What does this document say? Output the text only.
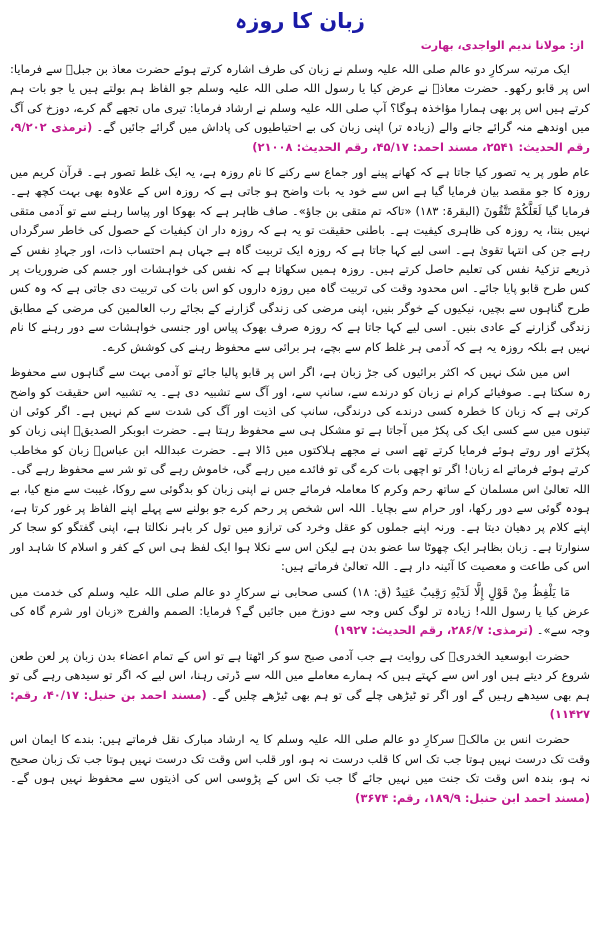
زبان کا روزہ
از: مولانا ندیم الواجدی، بھارت

ایک مرتبہ سرکارِ دو عالم صلی اللہ علیہ وسلم نے زبان کی طرف اشارہ کرتے ہوئے حضرت معاذ بن جبلؓ سے فرمایا: اس پر قابو رکھو۔ حضرت معاذؓ نے عرض کیا یا رسول اللہ صلی اللہ علیہ وسلم جو الفاظ ہم بولتے ہیں یا جو بات ہم کرتے ہیں اس پر بھی ہمارا مؤاخذہ ہوگا؟ آپ صلی اللہ علیہ وسلم نے ارشاد فرمایا: تیری ماں تجھے گم کرے، دوزخ کی آگ میں اوندھے منہ گرائے جانے والے (زیادہ تر) اپنی زبان کی بے احتیاطیوں کی پاداش میں گرائے جائیں گے۔ (ترمذی ۹/۲۰۲، رقم الحدیث: ۲۵۴۱، مسند احمد: ۴۵/۱۷، رقم الحدیث: ۲۱۰۰۸)

عام طور پر یہ تصور کیا جاتا ہے کہ کھانے پینے اور جماع سے رکنے کا نام روزہ ہے، یہ ایک غلط تصور ہے۔ قرآن کریم میں روزہ کا جو مقصد بیان فرمایا گیا ہے اس سے خود یہ بات واضح ہو جاتی ہے کہ روزہ اس کے علاوہ بھی بہت کچھ ہے۔ فرمایا گیا لَعَلَّكُمْ تَتَّقُونَ (البقرۃ: ۱۸۳) «تاکہ تم متقی بن جاؤ»۔ صاف ظاہر ہے کہ بھوکا اور پیاسا رہنے سے تو آدمی متقی نہیں بنتا، یہ روزہ کی ظاہری کیفیت ہے۔ باطنی حقیقت تو یہ ہے کہ روزہ دار ان کیفیات کے حصول کی خاطر سرگرداں رہے جن کی انتہا تقویٰ ہے۔ اسی لیے کہا جاتا ہے کہ روزہ ایک تربیت گاہ ہے جہاں ہم احتساب ذات، اور جہادِ نفس کے ذریعے تزکیۂ نفس کی تعلیم حاصل کرتے ہیں۔ روزہ ہمیں سکھاتا ہے کہ نفس کی خواہشات اور جسم کی ضروریات پر کس طرح قابو پایا جائے۔ اس محدود وقت کی تربیت گاہ میں روزہ داروں کو اس بات کی تربیت دی جاتی ہے کہ وہ کس طرح گناہوں سے بچیں، نیکیوں کے خوگر بنیں، اپنی مرضی کی زندگی گزارنے کے بجائے رب العالمین کی مرضی کے مطابق زندگی گزارنے کے عادی بنیں۔ اسی لیے کہا جاتا ہے کہ روزہ صرف بھوک پیاس اور جنسی خواہشات سے دور رہنے کا نام نہیں ہے بلکہ روزہ یہ ہے کہ آدمی ہر غلط کام سے بچے، ہر برائی سے محفوظ رہنے کی کوشش کرے۔

اس میں شک نہیں کہ اکثر برائیوں کی جڑ زبان ہے، اگر اس پر قابو پالیا جائے تو آدمی بہت سے گناہوں سے محفوظ رہ سکتا ہے۔ صوفیائے کرام نے زبان کو درندے سے، سانپ سے، اور آگ سے تشبیہ دی ہے۔ یہ تشبیہ اس حقیقت کو واضح کرتی ہے کہ زبان کا خطرہ کسی درندے کی درندگی، سانپ کی اذیت اور آگ کی شدت سے کم نہیں ہے۔ اگر کوئی ان تینوں میں سے کسی ایک کی پکڑ میں آجاتا ہے تو مشکل ہی سے محفوظ رہتا ہے۔ حضرت ابوبکر الصدیقؓ اپنی زبان کو پکڑتے اور روتے ہوئے فرمایا کرتے تھے اسی نے مجھے ہلاکتوں میں ڈالا ہے۔ حضرت عبداللہ ابن عباسؓ زبان کو مخاطب کرتے ہوئے فرماتے اے زبان! اگر تو اچھی بات کرے گی تو فائدے میں رہے گی، خاموش رہے گی تو شر سے محفوظ رہے گی۔ اللہ تعالیٰ اس مسلمان کے ساتھ رحم وکرم کا معاملہ فرمائے جس نے اپنی زبان کو بدگوئی سے روکا، غیبت سے منع کیا، بے ہودہ گوئی سے دور رکھا، اور حرام سے بچایا۔ اللہ اس شخص پر رحم کرے جو بولنے سے پہلے اپنے الفاظ پر غور کرتا ہے، اپنے کلام پر دھیان دیتا ہے۔ ورنہ اپنے جملوں کو عقل وخرد کی ترازو میں تول کر باہر نکالتا ہے، اپنی گفتگو کو سجا کر سنوارتا ہے۔ زبان بظاہر ایک چھوٹا سا عضو بدن ہے لیکن اس سے نکلا ہوا ایک لفظ ہی اس کے کفر و اسلام کا شاہد اور اس کی طاعت و معصیت کا آئینہ دار ہے۔ اللہ تعالیٰ فرماتے ہیں:

مَا يَلْفِظُ مِنْ قَوْلٍ إِلَّا لَدَيْهِ رَقِيبٌ عَتِيدٌ (ق: ۱۸) کسی صحابی نے سرکارِ دو عالم صلی اللہ علیہ وسلم کی خدمت میں عرض کیا یا رسول اللہ! زیادہ تر لوگ کس وجہ سے دوزخ میں جائیں گے؟ فرمایا: الصمم والفرج «زبان اور شرم گاہ کی وجہ سے»۔ (ترمذی: ۲۸۶/۷، رقم الحدیث: ۱۹۲۷)

حضرت ابوسعید الخدریؓ کی روایت ہے جب آدمی صبح سو کر اٹھتا ہے تو اس کے تمام اعضاء بدن زبان پر لعن طعن شروع کر دیتے ہیں اور اس سے کہتے ہیں کہ ہمارے معاملے میں اللہ سے ڈرتی رہنا، اس لیے کہ اگر تو سیدھی رہے گی تو ہم بھی سیدھے رہیں گے اور اگر تو ٹیڑھی چلے گی تو ہم بھی ٹیڑھے چلیں گے۔ (مسند احمد بن حنبل: ۴۰/۱۷، رقم: ۱۱۴۲۷)

حضرت انس بن مالکؓ سرکارِ دو عالم صلی اللہ علیہ وسلم کا یہ ارشاد مبارک نقل فرماتے ہیں: بندے کا ایمان اس وقت تک درست نہیں ہوتا جب تک اس کا قلب درست نہ ہو، اور قلب اس وقت تک درست نہیں ہوتا جب تک زبان صحیح نہ ہو، بندہ اس وقت تک جنت میں نہیں جائے گا جب تک اس کے پڑوسی اس کی اذیتوں سے محفوظ نہیں ہوں گے۔ (مسند احمد ابن حنبل: ۱۸۹/۹، رقم: ۳۶۷۴)
